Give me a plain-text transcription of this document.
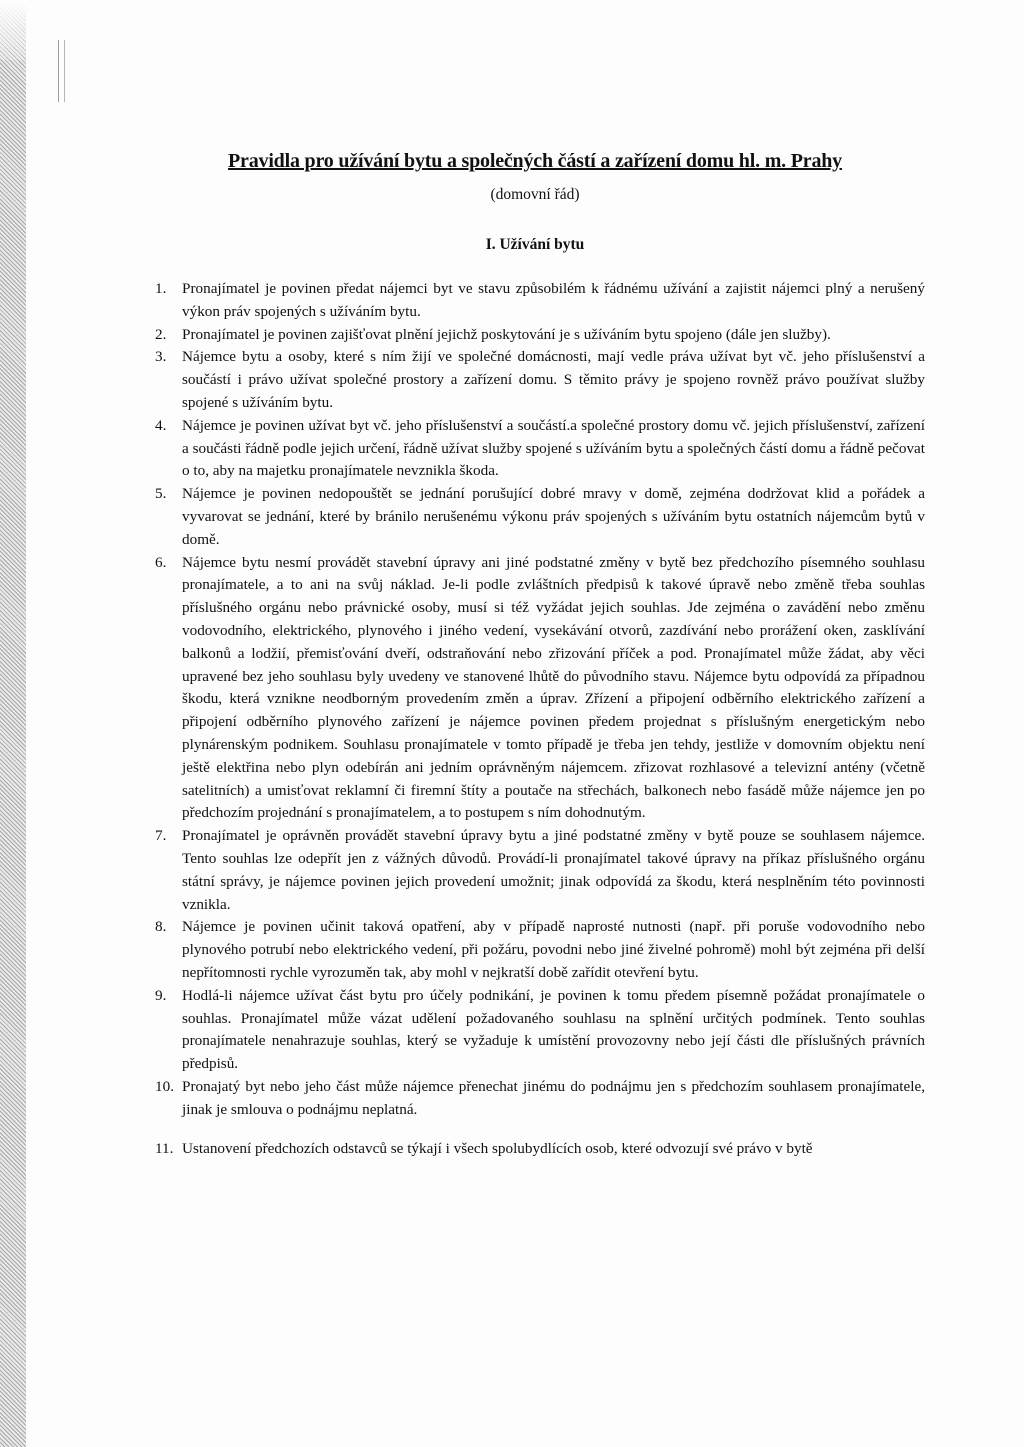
Pravidla pro užívání bytu a společných částí a zařízení domu hl. m. Prahy
(domovní řád)
I. Užívání bytu
1.	Pronajímatel je povinen předat nájemci byt ve stavu způsobilém k řádnému užívání a zajistit nájemci plný a nerušený výkon práv spojených s užíváním bytu.
2.	Pronajímatel je povinen zajišťovat plnění jejichž poskytování je s užíváním bytu spojeno (dále jen služby).
3.	Nájemce bytu a osoby, které s ním žijí ve společné domácnosti, mají vedle práva užívat byt vč. jeho příslušenství a součástí i právo užívat společné prostory a zařízení domu. S těmito právy je spojeno rovněž právo používat služby spojené s užíváním bytu.
4.	Nájemce je povinen užívat byt vč. jeho příslušenství a součástí.a společné prostory domu vč. jejich příslušenství, zařízení a součásti řádně podle jejich určení, řádně užívat služby spojené s užíváním bytu a společných částí domu a řádně pečovat o to, aby na majetku pronajímatele nevznikla škoda.
5.	Nájemce je povinen nedopouštět se jednání porušující dobré mravy v domě, zejména dodržovat klid a pořádek a vyvarovat se jednání, které by bránilo nerušenému výkonu práv spojených s užíváním bytu ostatních nájemcům bytů v domě.
6.	Nájemce bytu nesmí provádět stavební úpravy ani jiné podstatné změny v bytě bez předchozího písemného souhlasu pronajímatele, a to ani na svůj náklad. Je-li podle zvláštních předpisů k takové úpravě nebo změně třeba souhlas příslušného orgánu nebo právnické osoby, musí si též vyžádat jejich souhlas. Jde zejména o zavádění nebo změnu vodovodního, elektrického, plynového i jiného vedení, vysekávání otvorů, zazdívání nebo prorážení oken, zasklívání balkonů a lodžií, přemisťování dveří, odstraňování nebo zřizování příček a pod. Pronajímatel může žádat, aby věci upravené bez jeho souhlasu byly uvedeny ve stanovené lhůtě do původního stavu. Nájemce bytu odpovídá za případnou škodu, která vznikne neodborným provedením změn a úprav. Zřízení a připojení odběrního elektrického zařízení a připojení odběrního plynového zařízení je nájemce povinen předem projednat s příslušným energetickým nebo plynárenským podnikem. Souhlasu pronajímatele v tomto případě je třeba jen tehdy, jestliže v domovním objektu není ještě elektřina nebo plyn odebírán ani jedním oprávněným nájemcem. zřizovat rozhlasové a televizní antény (včetně satelitních) a umisťovat reklamní či firemní štíty a poutače na střechách, balkonech nebo fasádě může nájemce jen po předchozím projednání s pronajímatelem, a to postupem s ním dohodnutým.
7.	Pronajímatel je oprávněn provádět stavební úpravy bytu a jiné podstatné změny v bytě pouze se souhlasem nájemce. Tento souhlas lze odepřít jen z vážných důvodů. Provádí-li pronajímatel takové úpravy na příkaz příslušného orgánu státní správy, je nájemce povinen jejich provedení umožnit; jinak odpovídá za škodu, která nesplněním této povinnosti vznikla.
8.	Nájemce je povinen učinit taková opatření, aby v případě naprosté nutnosti (např. při poruše vodovodního nebo plynového potrubí nebo elektrického vedení, při požáru, povodni nebo jiné živelné pohromě) mohl být zejména při delší nepřítomnosti rychle vyrozuměn tak, aby mohl v nejkratší době zařídit otevření bytu.
9.	Hodlá-li nájemce užívat část bytu pro účely podnikání, je povinen k tomu předem písemně požádat pronajímatele o souhlas. Pronajímatel může vázat udělení požadovaného souhlasu na splnění určitých podmínek. Tento souhlas pronajímatele nenahrazuje souhlas, který se vyžaduje k umístění provozovny nebo její části dle příslušných právních předpisů.
10. Pronajatý byt nebo jeho část může nájemce přenechat jinému do podnájmu jen s předchozím souhlasem pronajímatele, jinak je smlouva o podnájmu neplatná.
11. Ustanovení předchozích odstavců se týkají i všech spolubydlících osob, které odvozují své právo v bytě
